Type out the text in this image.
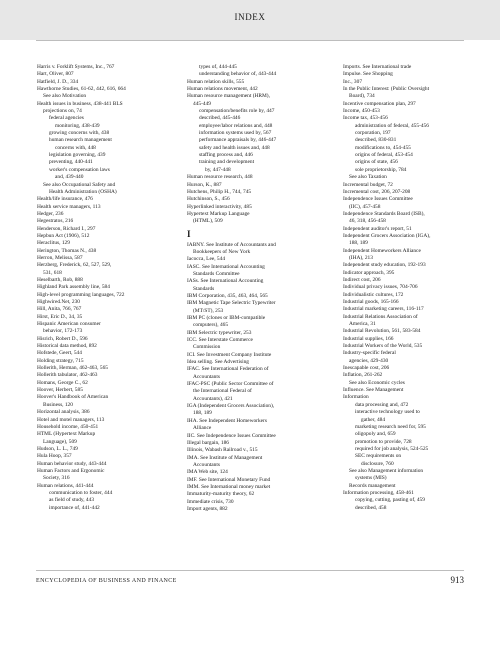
INDEX
Harris v. Forklift Systems, Inc., 767
Hart, Oliver, 807
Hatfield, J. D., 334
Hawthorne Studies, 61-62, 442, 616, 664
See also Motivation
Health issues in business, 438-441 BLS
projections on, 74
federal agencies
monitoring, 438-439
growing concerns with, 438
human research management
concerns with, 448
legislation governing, 439
preventing, 440-441
worker's compensation laws
and, 439-440
See also Occupational Safety and
Health Administration (OSHA)
Health/life insurance, 476
Health service managers, 113
Hedger, 236
Hegestratos, 216
Henderson, Richard I., 297
Hepbun Act (1906), 512
Heraclitus, 129
Herington, Thomas N., 438
Herron, Melissa, 587
Herzberg, Frederick, 62, 527, 529,
531, 618
Heselbarth, Rob, 888
Highland Park assembly line, 584
High-level programming languages, 722
Highwired.Net, 230
Hill, Anita, 766, 767
Hirst, Eric D., 34, 35
Hispanic American consumer
behavior, 172-173
Hisrich, Robert D., 596
Historical data method, 892
Hofstede, Geert, 544
Holding strategy, 715
Hollerith, Herman, 462-463, 565
Hollerith tabulator, 462-463
Homans, George C., 62
Hoover, Herbert, 585
Hoover's Handbook of American
Business, 120
Horizontal analysis, 386
Hotel and motel managers, 113
Household income, 450-451
HTML (Hypertext Markup
Language), 509
Hudson, L. L., 749
Hula Hoop, 357
Human behavior study, 443-444
Human Factors and Ergonomic
Society, 316
Human relations, 441-444
communication to foster, 444
as field of study, 443
importance of, 441-442
types of, 444-445
understanding behavior of, 443-444
Human relation skills, 555
Human relations movement, 442
Human resource management (HRM),
445-449
compensation/benefits role by, 447
described, 445-446
employee/labor relations and, 448
information systems used by, 567
performance appraisals by, 446-447
safety and health issues and, 448
staffing process and, 446
training and development
by, 447-448
Human resource research, 448
Hurson, K., 887
Hutchens, Philip H., 744, 745
Hutchinson, S., 456
Hyperlinked interactivity, 485
Hypertext Markup Language
(HTML), 509
I
IABNY. See Institute of Accountants and
Bookkeepers of New York
Iacocca, Lee, 544
IASC. See International Accounting
Standards Committee
IASs. See International Accounting
Standards
IBM Corporation, 435, 463, 464, 565
IBM Magnetic Tape Selectric Typewriter
(MT/ST), 253
IBM PC (clones or IBM-compatible
computers), 465
IBM Selectric typewriter, 253
ICC. See Interstate Commerce
Commission
ICI. See Investment Company Institute
Idea selling. See Advertising
IFAC. See International Federation of
Accountants
IFAC-PSC (Public Sector Committee of
the International Federal of
Accountants), 421
IGA (Independent Grocers Association),
188, 189
IHA. See Independent Homeworkers
Alliance
IIC. See Independence Issues Committee
Illegal bargain, 186
Illinois, Wabash Railroad v., 515
IMA. See Institute of Management
Accountants
IMA Web site, 124
IMF. See International Monetary Fund
IMM. See International money market
Immaturity-maturity theory, 62
Immediate crisis, 730
Import agents, 882
Imports. See International trade
Impulse. See Shopping
Inc., 307
In the Public Interest: (Public Oversight
Board), 734
Incentive compensation plan, 297
Income, 450-453
Income tax, 453-456
administration of federal, 455-456
corporation, 197
described, 830-831
modifications to, 454-455
origins of federal, 453-454
origins of state, 456
sole proprietorship, 784
See also Taxation
Incremental budget, 72
Incremental cost, 206, 207-208
Independence Issues Committee
(IIC), 457-458
Independence Standards Board (ISB),
46, 318, 456-458
Independent auditor's report, 51
Independent Grocers Association (IGA),
188, 189
Independent Homeworkers Alliance
(IHA), 213
Independent study education, 192-193
Indicator approach, 395
Indirect cost, 206
Individual privacy issues, 704-706
Individualistic cultures, 172
Industrial goods, 165-166
Industrial marketing careers, 116-117
Industrial Relations Association of
America, 31
Industrial Revolution, 561, 583-584
Industrial supplies, 166
Industrial Workers of the World, 535
Industry-specific federal
agencies, 429-430
Inescapable cost, 206
Inflation, 261-262
See also Economic cycles
Influence. See Management
Information
data processing and, 472
interactive technology used to
gather, 484
marketing research need for, 595
oligopoly and, 659
promotion to provide, 728
required for job analysis, 524-525
SEC requirements on
disclosure, 760
See also Management information
systems (MIS)
Records management
Information processing, 458-461
copying, cutting, pasting of, 459
described, 458
ENCYCLOPEDIA OF BUSINESS AND FINANCE	913
